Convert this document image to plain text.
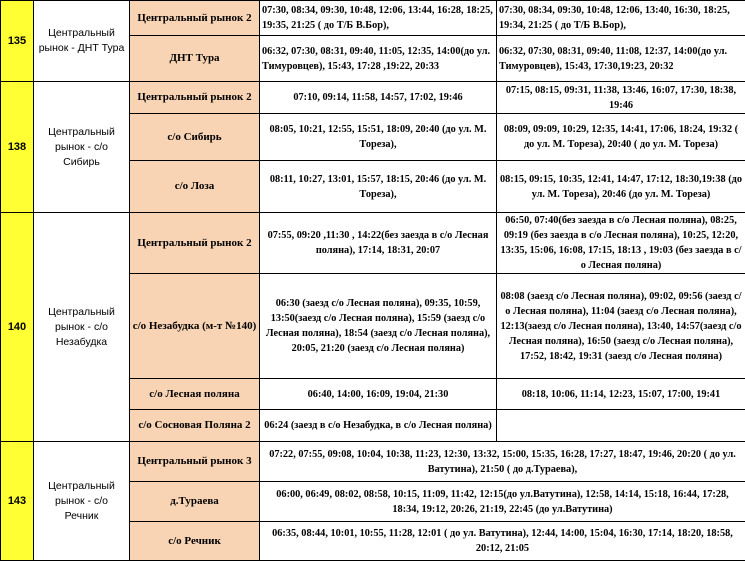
135	Центральный рынок - ДНТ Тура	Центральный рынок 2	07:30, 08:34, 09:30, 10:48, 12:06, 13:44, 16:28, 18:25, 19:35, 21:25 ( до Т/Б В.Бор),	07:30, 08:34, 09:30, 10:48, 12:06, 13:40, 16:30, 18:25, 19:34, 21:25 ( до Т/Б В.Бор),
		ДНТ Тура	06:32, 07:30, 08:31, 09:40, 11:05, 12:35, 14:00(до ул. Тимуровцев), 15:43, 17:28 ,19:22, 20:33	06:32, 07:30, 08:31, 09:40, 11:08, 12:37, 14:00(до ул. Тимуровцев), 15:43, 17:30,19:23, 20:32
138	Центральный рынок - с/о Сибирь	Центральный рынок 2	07:10, 09:14, 11:58, 14:57, 17:02, 19:46	07:15, 08:15, 09:31, 11:38, 13:46, 16:07, 17:30, 18:38, 19:46
		с/о Сибирь	08:05, 10:21, 12:55, 15:51, 18:09, 20:40 (до ул. М. Тореза),	08:09, 09:09, 10:29, 12:35, 14:41, 17:06, 18:24, 19:32 ( до ул. М. Тореза), 20:40 ( до ул. М. Тореза)
		с/о Лоза	08:11, 10:27, 13:01, 15:57, 18:15, 20:46 (до ул. М. Тореза),	08:15, 09:15, 10:35, 12:41, 14:47, 17:12, 18:30,19:38 (до ул. М. Тореза), 20:46 (до ул. М. Тореза)
140	Центральный рынок - с/о Незабудка	Центральный рынок 2	07:55, 09:20 ,11:30 , 14:22(без заезда в с/о Лесная поляна), 17:14, 18:31, 20:07	06:50, 07:40(без заезда в с/о Лесная поляна), 08:25, 09:19 (без заезда в с/о Лесная поляна), 10:25, 12:20, 13:35, 15:06, 16:08, 17:15, 18:13 , 19:03 (без заезда в с/о Лесная поляна)
		с/о Незабудка (м-т №140)	06:30 (заезд с/о Лесная поляна), 09:35, 10:59, 13:50(заезд с/о Лесная поляна), 15:59 (заезд с/о Лесная поляна), 18:54 (заезд с/о Лесная поляна), 20:05, 21:20 (заезд с/о Лесная поляна)	08:08 (заезд с/о Лесная поляна), 09:02, 09:56 (заезд с/о Лесная поляна), 11:04 (заезд с/о Лесная поляна), 12:13(заезд с/о Лесная поляна), 13:40, 14:57(заезд с/о Лесная поляна), 16:50 (заезд с/о Лесная поляна), 17:52, 18:42, 19:31 (заезд с/о Лесная поляна)
		с/о Лесная поляна	06:40, 14:00, 16:09, 19:04, 21:30	08:18, 10:06, 11:14, 12:23, 15:07, 17:00, 19:41
		с/о Сосновая Поляна 2	06:24 (заезд в с/о Незабудка, в с/о Лесная поляна)	
143	Центральный рынок - с/о Речник	Центральный рынок 3	07:22, 07:55, 09:08, 10:04, 10:38, 11:23, 12:30, 13:32, 15:00, 15:35, 16:28, 17:27, 18:47, 19:46, 20:20 ( до ул. Ватутина), 21:50 ( до д.Тураева),	
		д.Тураева	06:00, 06:49, 08:02, 08:58, 10:15, 11:09, 11:42, 12:15(до ул.Ватутина), 12:58, 14:14, 15:18, 16:44, 17:28, 18:34, 19:12, 20:26, 21:19, 22:45 (до ул.Ватутина)	
		с/о Речник	06:35, 08:44, 10:01, 10:55, 11:28, 12:01 ( до ул. Ватутина), 12:44, 14:00, 15:04, 16:30, 17:14, 18:20, 18:58, 20:12, 21:05	
